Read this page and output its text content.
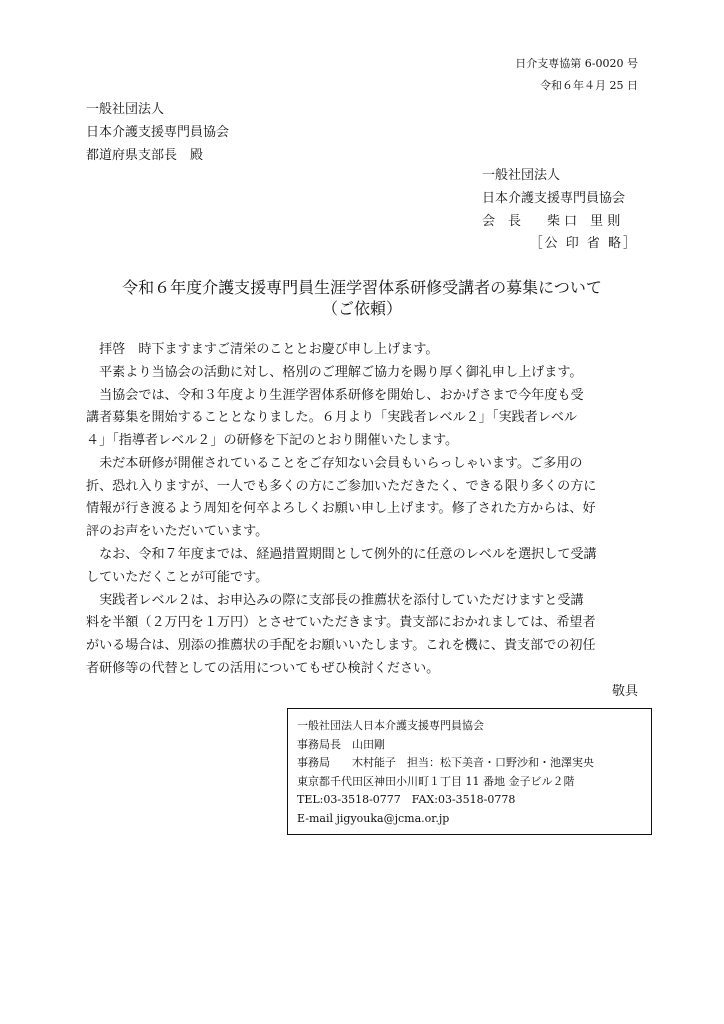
日介支専協第 6-0020 号
令和６年４月 25 日
一般社団法人
日本介護支援専門員協会
都道府県支部長　殿
一般社団法人
日本介護支援専門員協会
会　長　　柴 口　里 則
［公 印 省 略］
令和６年度介護支援専門員生涯学習体系研修受講者の募集について
（ご依頼）
　拝啓　時下ますますご清栄のこととお慶び申し上げます。
　平素より当協会の活動に対し、格別のご理解ご協力を賜り厚く御礼申し上げます。
　当協会では、令和３年度より生涯学習体系研修を開始し、おかげさまで今年度も受
講者募集を開始することとなりました。６月より「実践者レベル２」「実践者レベル
４」「指導者レベル２」の研修を下記のとおり開催いたします。
　未だ本研修が開催されていることをご存知ない会員もいらっしゃいます。ご多用の
折、恐れ入りますが、一人でも多くの方にご参加いただきたく、できる限り多くの方に
情報が行き渡るよう周知を何卒よろしくお願い申し上げます。修了された方からは、好
評のお声をいただいています。
　なお、令和７年度までは、経過措置期間として例外的に任意のレベルを選択して受講
していただくことが可能です。
　実践者レベル２は、お申込みの際に支部長の推薦状を添付していただけますと受講
料を半額（２万円を１万円）とさせていただきます。貴支部におかれましては、希望者
がいる場合は、別添の推薦状の手配をお願いいたします。これを機に、貴支部での初任
者研修等の代替としての活用についてもぜひ検討ください。
敬具
一般社団法人日本介護支援専門員協会
事務局長　山田剛
事務局　　木村能子　担当：松下美音・口野沙和・池澤実央
東京都千代田区神田小川町１丁目 11 番地 金子ビル２階
TEL:03-3518-0777　FAX:03-3518-0778
E-mail jigyouka@jcma.or.jp
